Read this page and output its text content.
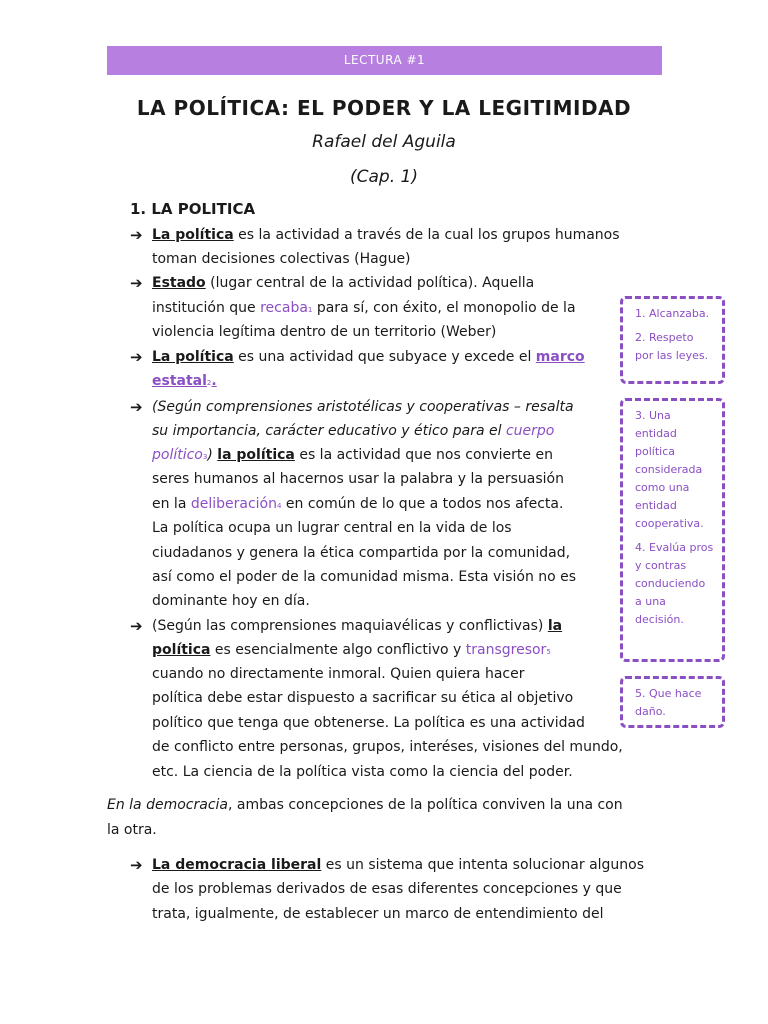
LECTURA #1
LA POLÍTICA: EL PODER Y LA LEGITIMIDAD
Rafael del Aguila
(Cap. 1)
1. LA POLITICA
➔ La política es la actividad a través de la cual los grupos humanos
toman decisiones colectivas (Hague)
➔ Estado (lugar central de la actividad política). Aquella
institución que recaba1 para sí, con éxito, el monopolio de la
violencia legítima dentro de un territorio (Weber)
➔ La política es una actividad que subyace y excede el marco
estatal2.
➔ (Según comprensiones aristotélicas y cooperativas – resalta
su importancia, carácter educativo y ético para el cuerpo
político3) la política es la actividad que nos convierte en
seres humanos al hacernos usar la palabra y la persuasión
en la deliberación4 en común de lo que a todos nos afecta.
La política ocupa un lugrar central en la vida de los
ciudadanos y genera la ética compartida por la comunidad,
así como el poder de la comunidad misma. Esta visión no es
dominante hoy en día.
➔ (Según las comprensiones maquiavélicas y conflictivas) la
política es esencialmente algo conflictivo y transgresor5
cuando no directamente inmoral. Quien quiera hacer
política debe estar dispuesto a sacrificar su ética al objetivo
político que tenga que obtenerse. La política es una actividad
de conflicto entre personas, grupos, interéses, visiones del mundo,
etc. La ciencia de la política vista como la ciencia del poder.
En la democracia, ambas concepciones de la política conviven la una con
la otra.
➔ La democracia liberal es un sistema que intenta solucionar algunos
de los problemas derivados de esas diferentes concepciones y que
trata, igualmente, de establecer un marco de entendimiento del
1. Alcanzaba.
2. Respeto por las leyes.
3. Una entidad política considerada como una entidad cooperativa.
4. Evalúa pros y contras conduciendo a una decisión.
5. Que hace daño.
